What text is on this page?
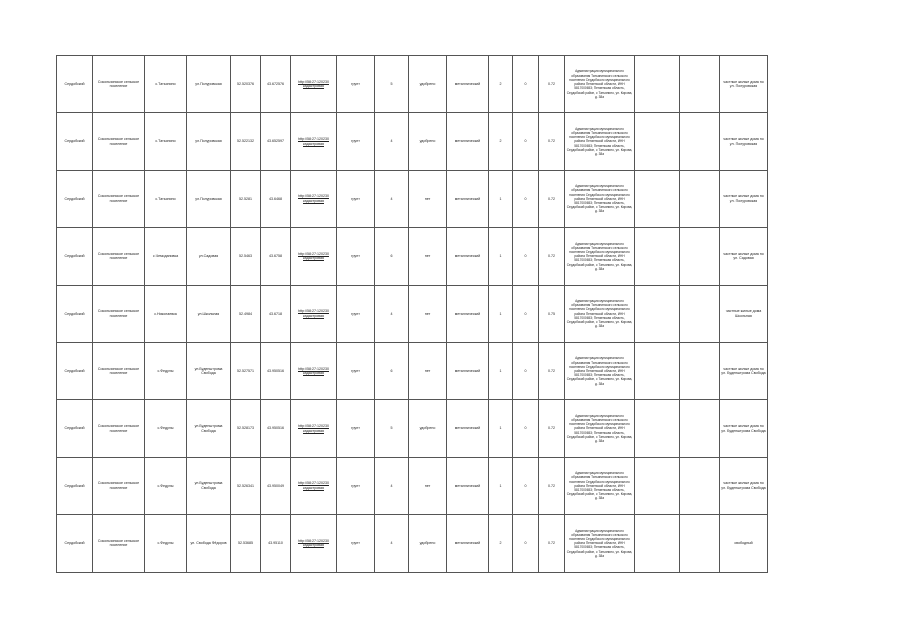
Сердобский	Сокольчинское сельское поселение	с.Татьянино	ул.Полуровская	52.520376	43.672576	http://58:27:120230 кадастровая	грунт	5	удобрено	металлический	2	0	0.72	Администрация муниципального образования Татьянинского сельского поселения Сердобского муниципального района Пензенской области, ИНН 5817000653; Пензенская область, Сердобский район, с Татьянино, ул. Кирова, д. 38а			частные жилые дома по ул. Полуровская
Сердобский	Сокольчинское сельское поселение	с.Татьянино	ул.Полуровская	52.522132	43.652597	http://58:27:120230 кадастровая	грунт	4	удобрено	металлический	2	0	0.72	Администрация муниципального образования Татьянинского сельского поселения Сердобского муниципального района Пензенской области, ИНН 5817000653; Пензенская область, Сердобский район, с Татьянино, ул. Кирова, д. 38а			частные жилые дома по ул. Полуровская
Сердобский	Сокольчинское сельское поселение	с.Татьянино	ул.Полуровская	52.5281	43.6468	http://58:27:120230 кадастровая	грунт	4	нет	металлический	1	0	0.72	Администрация муниципального образования Татьянинского сельского поселения Сердобского муниципального района Пензенской области, ИНН 5817000653; Пензенская область, Сердобский район, с Татьянино, ул. Кирова, д. 38а			частные жилые дома по ул. Полуровская
Сердобский	Сокольчинское сельское поселение	с.Чемодановка	ул.Садовая	52.5463	43.6758	http://58:27:120230 кадастровая	грунт	6	нет	металлический	1	0	0.72	Администрация муниципального образования Татьянинского сельского поселения Сердобского муниципального района Пензенской области, ИНН 5817000653; Пензенская область, Сердобский район, с Татьянино, ул. Кирова, д. 38а			частные жилые дома по ул. Садовая
Сердобский	Сокольчинское сельское поселение	с.Николаевка	ул.Школьная	52.4984	43.6718	http://58:27:120230 кадастровая	грунт	4	нет	металлический	1	0	0.75	Администрация муниципального образования Татьянинского сельского поселения Сердобского муниципального района Пензенской области, ИНН 5817000653; Пензенская область, Сердобский район, с Татьянино, ул. Кирова, д. 38а			частные жилые дома Школьная
Сердобский	Сокольчинское сельское поселение	с.Федулы	ул.Буденштрома Свобода	52.527571	43.950516	http://58:27:120230 кадастровая	грунт	6	нет	металлический	1	0	0.72	Администрация муниципального образования Татьянинского сельского поселения Сердобского муниципального района Пензенской области, ИНН 5817000653; Пензенская область, Сердобский район, с Татьянино, ул. Кирова, д. 38а			частные жилые дома по ул. Буденштрома Свобода
Сердобский	Сокольчинское сельское поселение	с.Федулы	ул.Буденштрома Свобода	52.528173	43.950516	http://58:27:120230 кадастровая	грунт	5	удобрено	металлический	1	0	0.72	Администрация муниципального образования Татьянинского сельского поселения Сердобского муниципального района Пензенской области, ИНН 5817000653; Пензенская область, Сердобский район, с Татьянино, ул. Кирова, д. 38а			частные жилые дома по ул. Буденштрома Свобода
Сердобский	Сокольчинское сельское поселение	с.Федулы	ул.Буденштрома Свобода	52.526341	43.950049	http://58:27:120230 кадастровая	грунт	4	нет	металлический	1	0	0.72	Администрация муниципального образования Татьянинского сельского поселения Сердобского муниципального района Пензенской области, ИНН 5817000653; Пензенская область, Сердобский район, с Татьянино, ул. Кирова, д. 38а			частные жилые дома по ул. Буденштрома Свобода
Сердобский	Сокольчинское сельское поселение	с.Федулы	ул. Свобода Фёдоров	52.53685	43.95110	http://58:27:120230 кадастровая	грунт	4	удобрено	металлический	2	0	0.72	Администрация муниципального образования Татьянинского сельского поселения Сердобского муниципального района Пензенской области, ИНН 5817000653; Пензенская область, Сердобский район, с Татьянино, ул. Кирова, д. 38а			свободный
